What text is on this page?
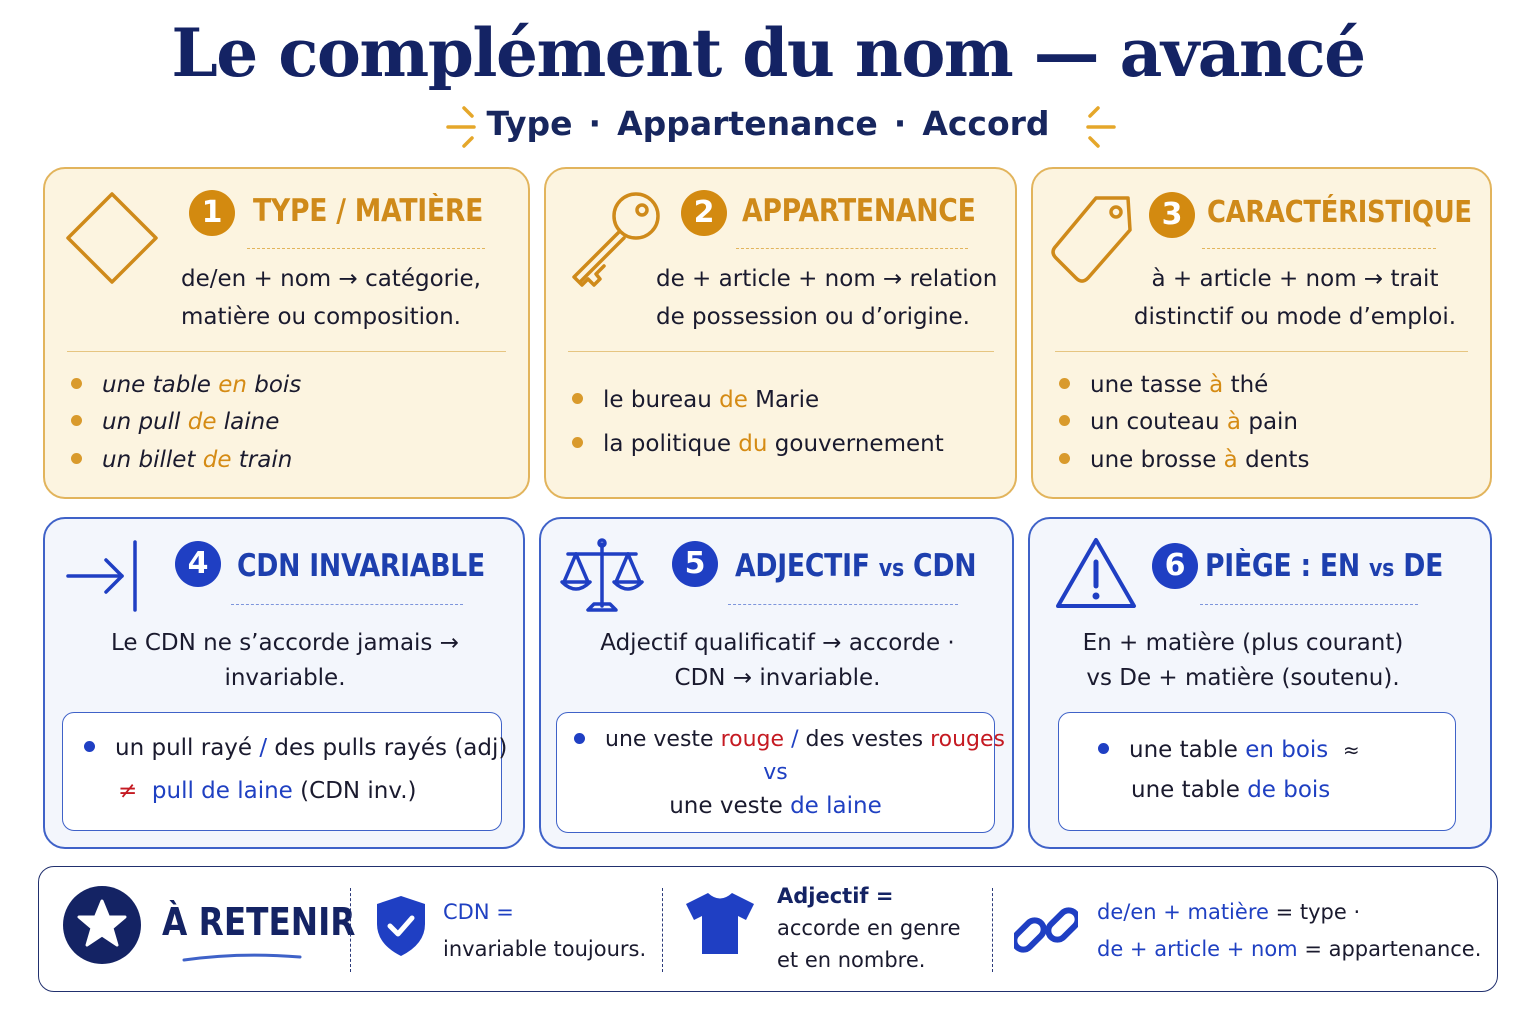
Le complément du nom — avancé
Type · Appartenance · Accord
1 TYPE / MATIÈRE
de/en + nom → catégorie,
matière ou composition.
une table en bois
un pull de laine
un billet de train
2 APPARTENANCE
de + article + nom → relation
de possession ou d’origine.
le bureau de Marie
la politique du gouvernement
3 CARACTÉRISTIQUE
à + article + nom → trait
distinctif ou mode d’emploi.
une tasse à thé
un couteau à pain
une brosse à dents
4 CDN INVARIABLE
Le CDN ne s’accorde jamais →
invariable.
un pull rayé / des pulls rayés (adj)
≠ pull de laine (CDN inv.)
5 ADJECTIF vs CDN
Adjectif qualificatif → accorde ·
CDN → invariable.
une veste rouge / des vestes rouges
vs
une veste de laine
6 PIÈGE : EN vs DE
En + matière (plus courant)
vs De + matière (soutenu).
une table en bois ≈
une table de bois
À RETENIR	CDN =
invariable toujours.
Adjectif =
accorde en genre
et en nombre.
de/en + matière = type ·
de + article + nom = appartenance.
